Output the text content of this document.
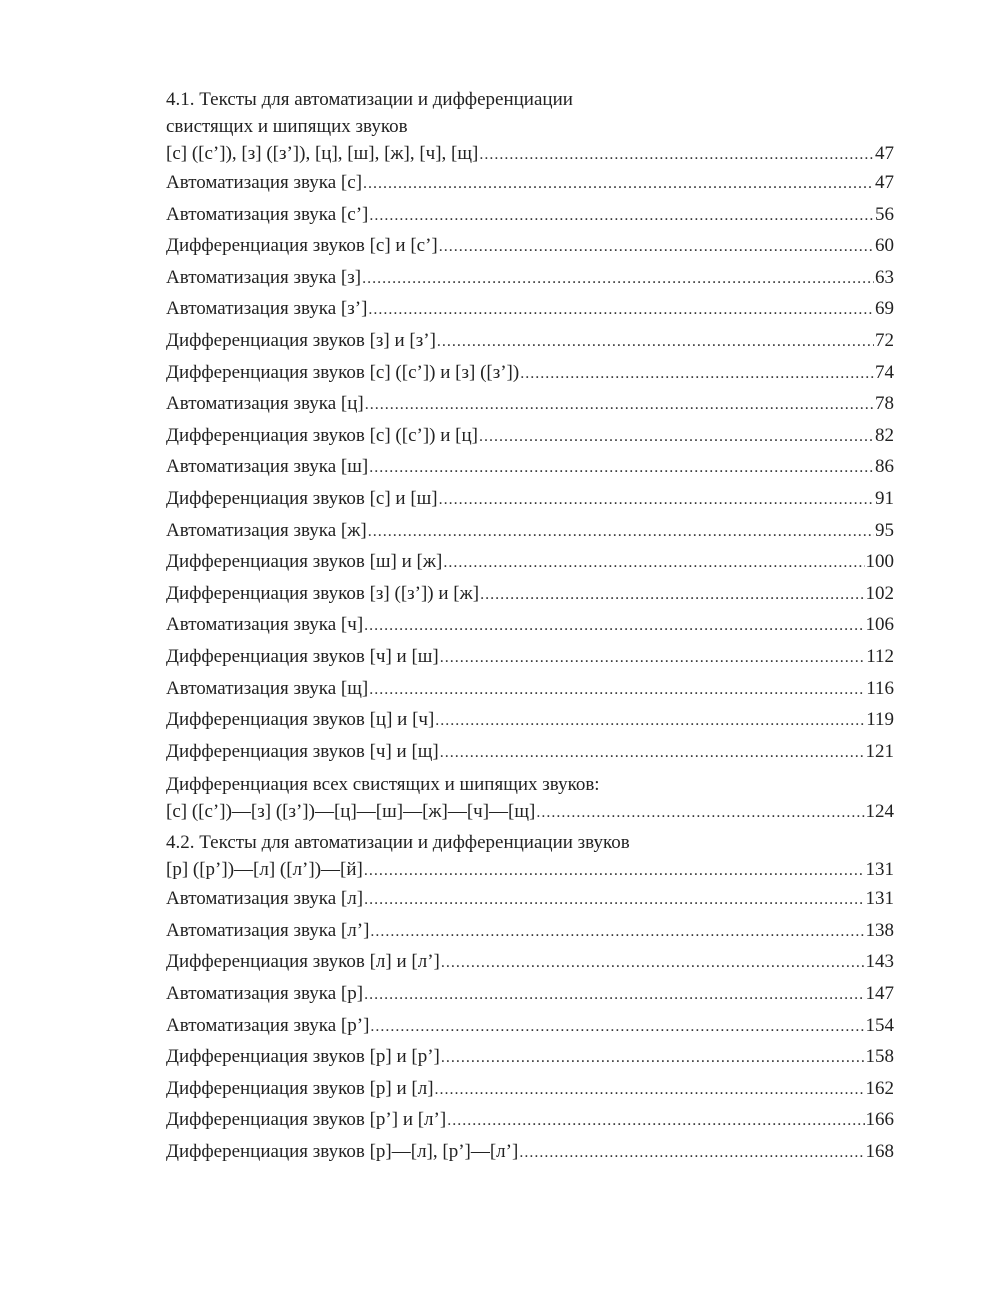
4.1. Тексты для автоматизации и дифференциации
свистящих и шипящих звуков
[с] ([с’]), [з] ([з’]), [ц], [ш], [ж], [ч], [щ] .....	47
Автоматизация звука [с] .....	47
Автоматизация звука [с’] .....	56
Дифференциация звуков [с] и [с’] .....	60
Автоматизация звука [з] .....	63
Автоматизация звука [з’] .....	69
Дифференциация звуков [з] и [з’] .....	72
Дифференциация звуков [с] ([с’]) и [з] ([з’]) .....	74
Автоматизация звука [ц] .....	78
Дифференциация звуков [с] ([с’]) и [ц] .....	82
Автоматизация звука [ш] .....	86
Дифференциация звуков [с] и [ш] .....	91
Автоматизация звука [ж] .....	95
Дифференциация звуков [ш] и [ж] .....	100
Дифференциация звуков [з] ([з’]) и [ж] .....	102
Автоматизация звука [ч] .....	106
Дифференциация звуков [ч] и [ш] .....	112
Автоматизация звука [щ] .....	116
Дифференциация звуков [ц] и [ч] .....	119
Дифференциация звуков [ч] и [щ] .....	121
Дифференциация всех свистящих и шипящих звуков:
[с] ([с’])—[з] ([з’])—[ц]—[ш]—[ж]—[ч]—[щ] .....	124
4.2. Тексты для автоматизации и дифференциации звуков
[р] ([р’])—[л] ([л’])—[й] .....	131
Автоматизация звука [л] .....	131
Автоматизация звука [л’] .....	138
Дифференциация звуков [л] и [л’] .....	143
Автоматизация звука [р] .....	147
Автоматизация звука [р’] .....	154
Дифференциация звуков [р] и [р’] .....	158
Дифференциация звуков [р] и [л] .....	162
Дифференциация звуков [р’] и [л’] .....	166
Дифференциация звуков [р]—[л], [р’]—[л’] .....	168
